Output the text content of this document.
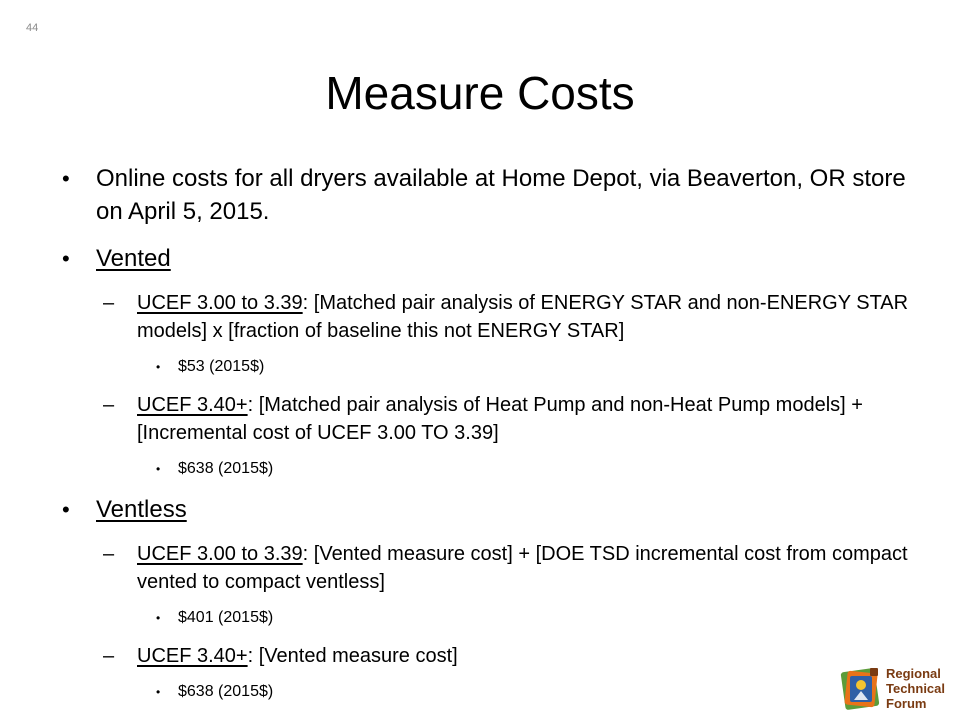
44
Measure Costs
• Online costs for all dryers available at Home Depot, via Beaverton, OR store on April 5, 2015.
• Vented
– UCEF 3.00 to 3.39: [Matched pair analysis of ENERGY STAR and non-ENERGY STAR models] x [fraction of baseline this not ENERGY STAR]
• $53 (2015$)
– UCEF 3.40+: [Matched pair analysis of Heat Pump and non-Heat Pump models] + [Incremental cost of UCEF 3.00 TO 3.39]
• $638 (2015$)
• Ventless
– UCEF 3.00 to 3.39: [Vented measure cost] + [DOE TSD incremental cost from compact vented to compact ventless]
• $401 (2015$)
– UCEF 3.40+: [Vented measure cost]
• $638 (2015$)
Regional
Technical
Forum
